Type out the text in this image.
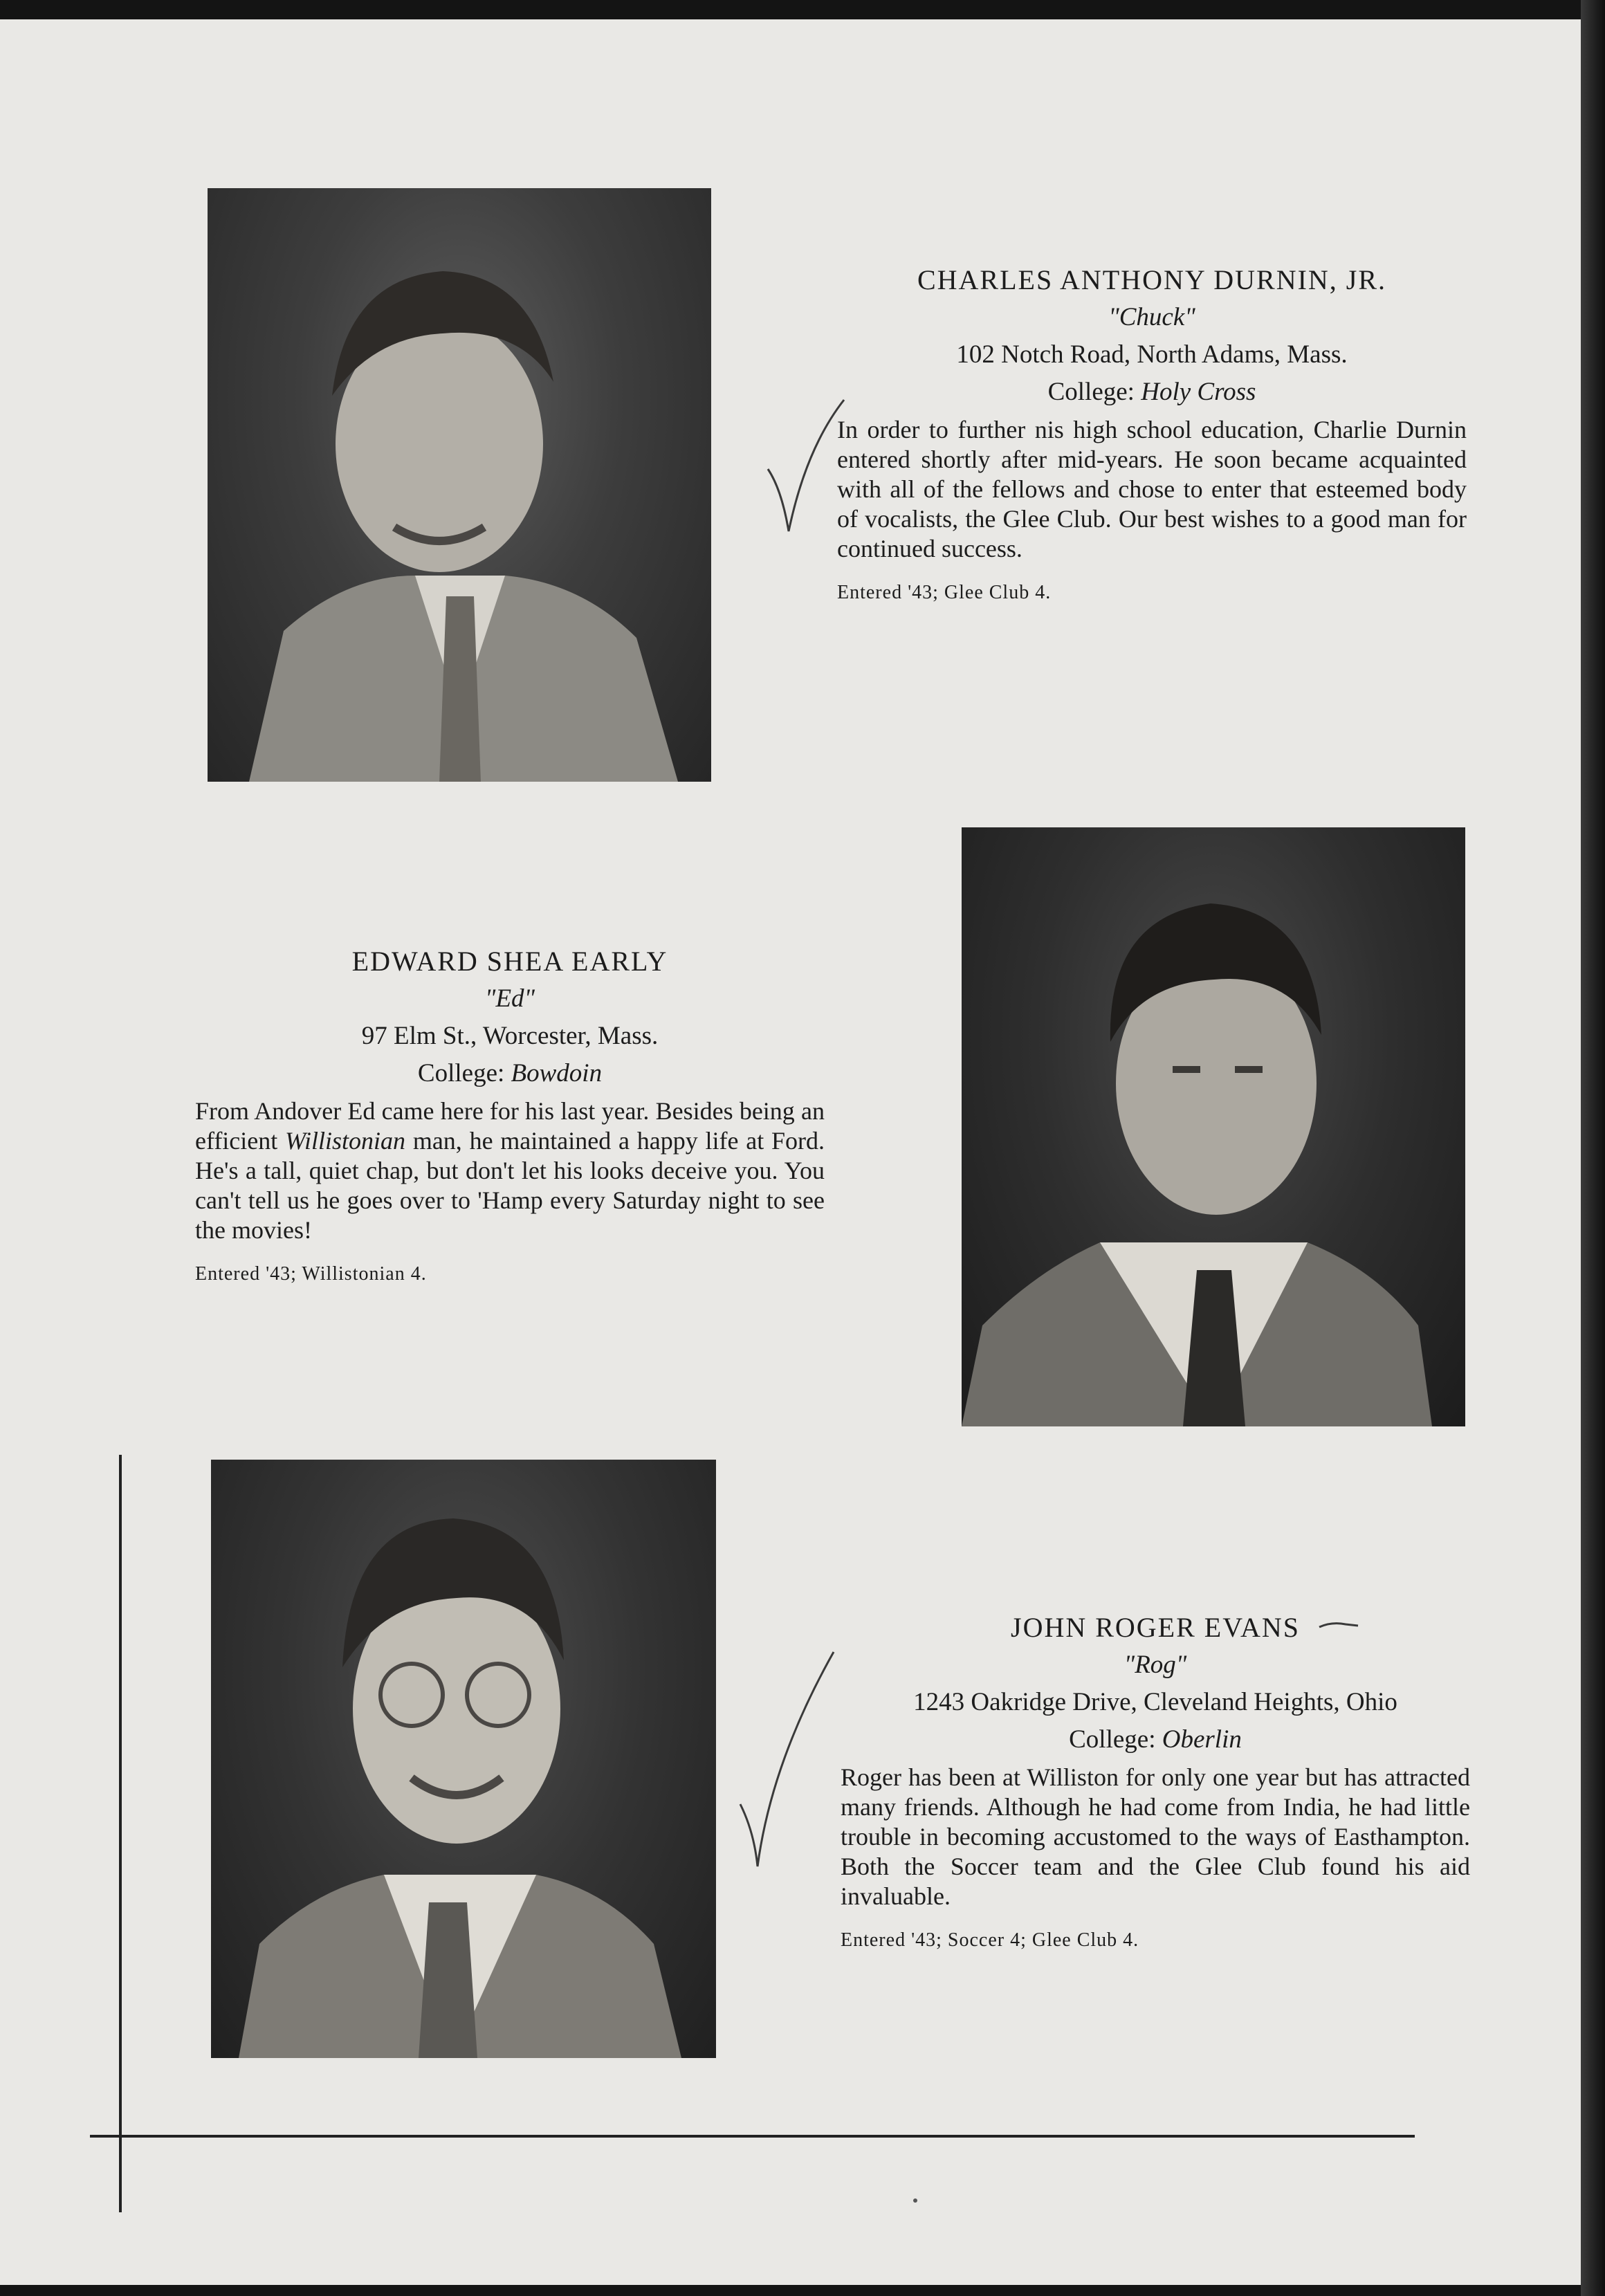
CHARLES ANTHONY DURNIN, JR.

"Chuck"

102 Notch Road, North Adams, Mass.

College: Holy Cross

In order to further nis high school education, Charlie Durnin entered shortly after mid-years. He soon became acquainted with all of the fellows and chose to enter that esteemed body of vocalists, the Glee Club. Our best wishes to a good man for continued success.

Entered '43; Glee Club 4.

EDWARD SHEA EARLY

"Ed"

97 Elm St., Worcester, Mass.

College: Bowdoin

From Andover Ed came here for his last year. Besides being an efficient Willistonian man, he maintained a happy life at Ford. He's a tall, quiet chap, but don't let his looks deceive you. You can't tell us he goes over to 'Hamp every Saturday night to see the movies!

Entered '43; Willistonian 4.

JOHN ROGER EVANS

"Rog"

1243 Oakridge Drive, Cleveland Heights, Ohio

College: Oberlin

Roger has been at Williston for only one year but has attracted many friends. Although he had come from India, he had little trouble in becoming accustomed to the ways of Easthampton. Both the Soccer team and the Glee Club found his aid invaluable.

Entered '43; Soccer 4; Glee Club 4.
